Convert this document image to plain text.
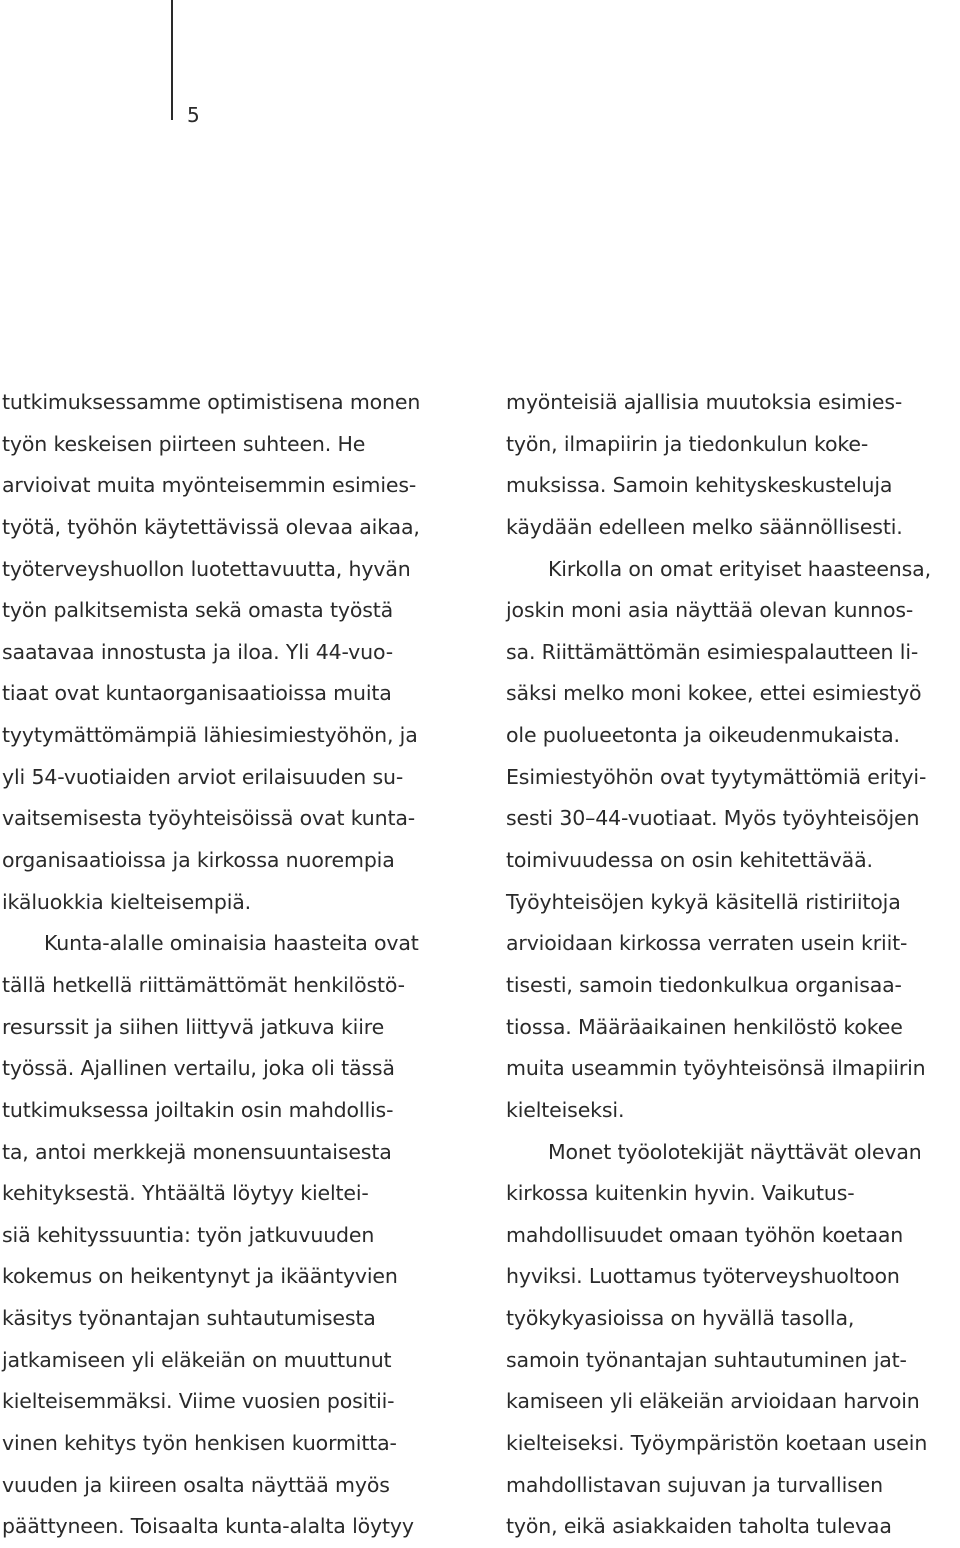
5
tutkimuksessamme optimistisena monen
työn keskeisen piirteen suhteen. He
arvioivat muita myönteisemmin esimies-
työtä, työhön käytettävissä olevaa aikaa,
työterveyshuollon luotettavuutta, hyvän
työn palkitsemista sekä omasta työstä
saatavaa innostusta ja iloa. Yli 44-vuo-
tiaat ovat kuntaorganisaatioissa muita
tyytymättömämpiä lähiesimiestyöhön, ja
yli 54-vuotiaiden arviot erilaisuuden su-
vaitsemisesta työyhteisöissä ovat kunta-
organisaatioissa ja kirkossa nuorempia
ikäluokkia kielteisempiä.
Kunta-alalle ominaisia haasteita ovat
tällä hetkellä riittämättömät henkilöstö-
resurssit ja siihen liittyvä jatkuva kiire
työssä. Ajallinen vertailu, joka oli tässä
tutkimuksessa joiltakin osin mahdollis-
ta, antoi merkkejä monensuuntaisesta
kehityksestä. Yhtäältä löytyy kieltei-
siä kehityssuuntia: työn jatkuvuuden
kokemus on heikentynyt ja ikääntyvien
käsitys työnantajan suhtautumisesta
jatkamiseen yli eläkeiän on muuttunut
kielteisemmäksi. Viime vuosien positii-
vinen kehitys työn henkisen kuormitta-
vuuden ja kiireen osalta näyttää myös
päättyneen. Toisaalta kunta-alalta löytyy
myönteisiä ajallisia muutoksia esimies-
työn, ilmapiirin ja tiedonkulun koke-
muksissa. Samoin kehityskeskusteluja
käydään edelleen melko säännöllisesti.
Kirkolla on omat erityiset haasteensa,
joskin moni asia näyttää olevan kunnos-
sa. Riittämättömän esimiespalautteen li-
säksi melko moni kokee, ettei esimiestyö
ole puolueetonta ja oikeudenmukaista.
Esimiestyöhön ovat tyytymättömiä erityi-
sesti 30–44-vuotiaat. Myös työyhteisöjen
toimivuudessa on osin kehitettävää.
Työyhteisöjen kykyä käsitellä ristiriitoja
arvioidaan kirkossa verraten usein kriit-
tisesti, samoin tiedonkulkua organisaa-
tiossa. Määräaikainen henkilöstö kokee
muita useammin työyhteisönsä ilmapiirin
kielteiseksi.
Monet työolotekijät näyttävät olevan
kirkossa kuitenkin hyvin. Vaikutus-
mahdollisuudet omaan työhön koetaan
hyviksi. Luottamus työterveyshuoltoon
työkykyasioissa on hyvällä tasolla,
samoin työnantajan suhtautuminen jat-
kamiseen yli eläkeiän arvioidaan harvoin
kielteiseksi. Työympäristön koetaan usein
mahdollistavan sujuvan ja turvallisen
työn, eikä asiakkaiden taholta tulevaa
